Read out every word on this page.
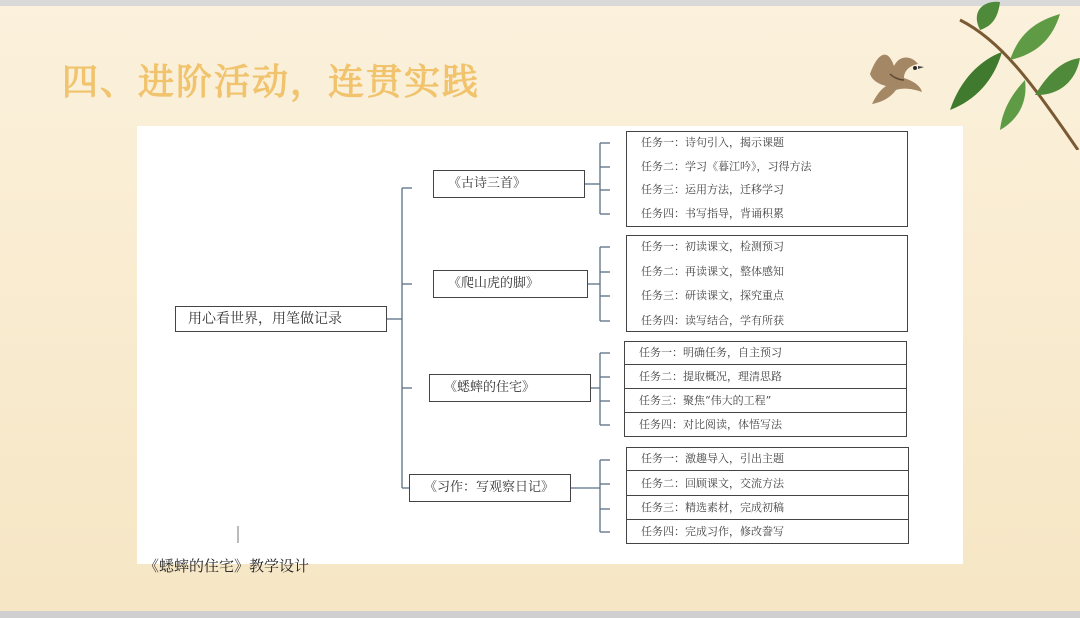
四、进阶活动，连贯实践
用心看世界，用笔做记录
《古诗三首》
《爬山虎的脚》
《蟋蟀的住宅》
《习作：写观察日记》
任务一：诗句引入，揭示课题
任务二：学习《暮江吟》，习得方法
任务三：运用方法，迁移学习
任务四：书写指导，背诵积累
任务一：初读课文，检测预习
任务二：再读课文，整体感知
任务三：研读课文，探究重点
任务四：读写结合，学有所获
任务一：明确任务，自主预习
任务二：提取概况，理清思路
任务三：聚焦“伟大的工程”
任务四：对比阅读，体悟写法
任务一：激趣导入，引出主题
任务二：回顾课文，交流方法
任务三：精选素材，完成初稿
任务四：完成习作，修改誊写
《蟋蟀的住宅》教学设计
